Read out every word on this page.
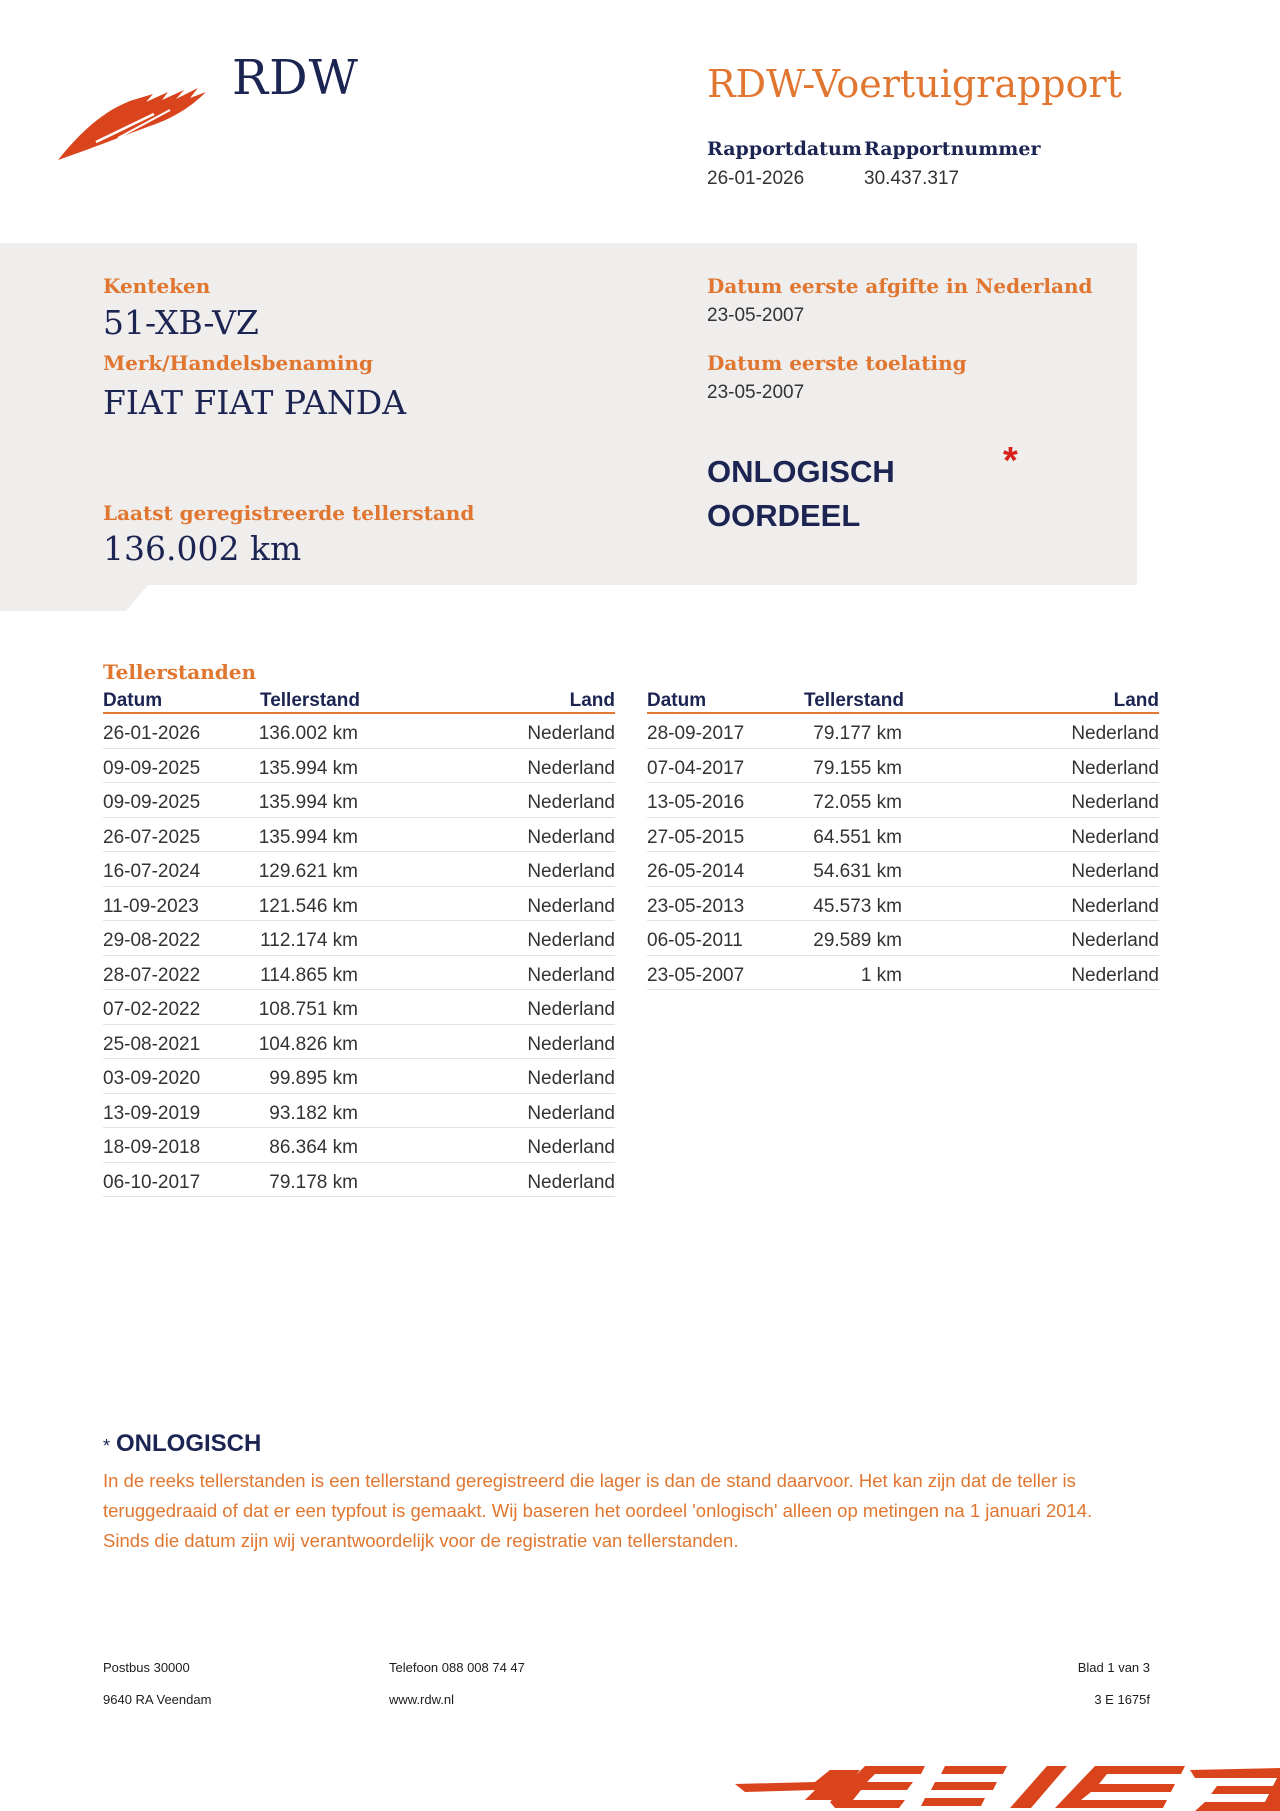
RDW	RDW-Voertuigrapport
Rapportdatum
26-01-2026
Rapportnummer
30.437.317
Kenteken
51-XB-VZ
Merk/Handelsbenaming
FIAT FIAT PANDA
Laatst geregistreerde tellerstand
136.002 km
Datum eerste afgifte in Nederland
23-05-2007
Datum eerste toelating
23-05-2007
ONLOGISCH
OORDEEL
*
Tellerstanden
Datum	Tellerstand	Land
26-01-2026	136.002 km	Nederland
09-09-2025	135.994 km	Nederland
09-09-2025	135.994 km	Nederland
26-07-2025	135.994 km	Nederland
16-07-2024	129.621 km	Nederland
11-09-2023	121.546 km	Nederland
29-08-2022	112.174 km	Nederland
28-07-2022	114.865 km	Nederland
07-02-2022	108.751 km	Nederland
25-08-2021	104.826 km	Nederland
03-09-2020	99.895 km	Nederland
13-09-2019	93.182 km	Nederland
18-09-2018	86.364 km	Nederland
06-10-2017	79.178 km	Nederland
Datum	Tellerstand	Land
28-09-2017	79.177 km	Nederland
07-04-2017	79.155 km	Nederland
13-05-2016	72.055 km	Nederland
27-05-2015	64.551 km	Nederland
26-05-2014	54.631 km	Nederland
23-05-2013	45.573 km	Nederland
06-05-2011	29.589 km	Nederland
23-05-2007	1 km	Nederland
* ONLOGISCH
In de reeks tellerstanden is een tellerstand geregistreerd die lager is dan de stand daarvoor. Het kan zijn dat de teller is teruggedraaid of dat er een typfout is gemaakt. Wij baseren het oordeel 'onlogisch' alleen op metingen na 1 januari 2014. Sinds die datum zijn wij verantwoordelijk voor de registratie van tellerstanden.
Postbus 30000
9640 RA Veendam
Telefoon 088 008 74 47
www.rdw.nl
Blad 1 van 3
3 E 1675f
